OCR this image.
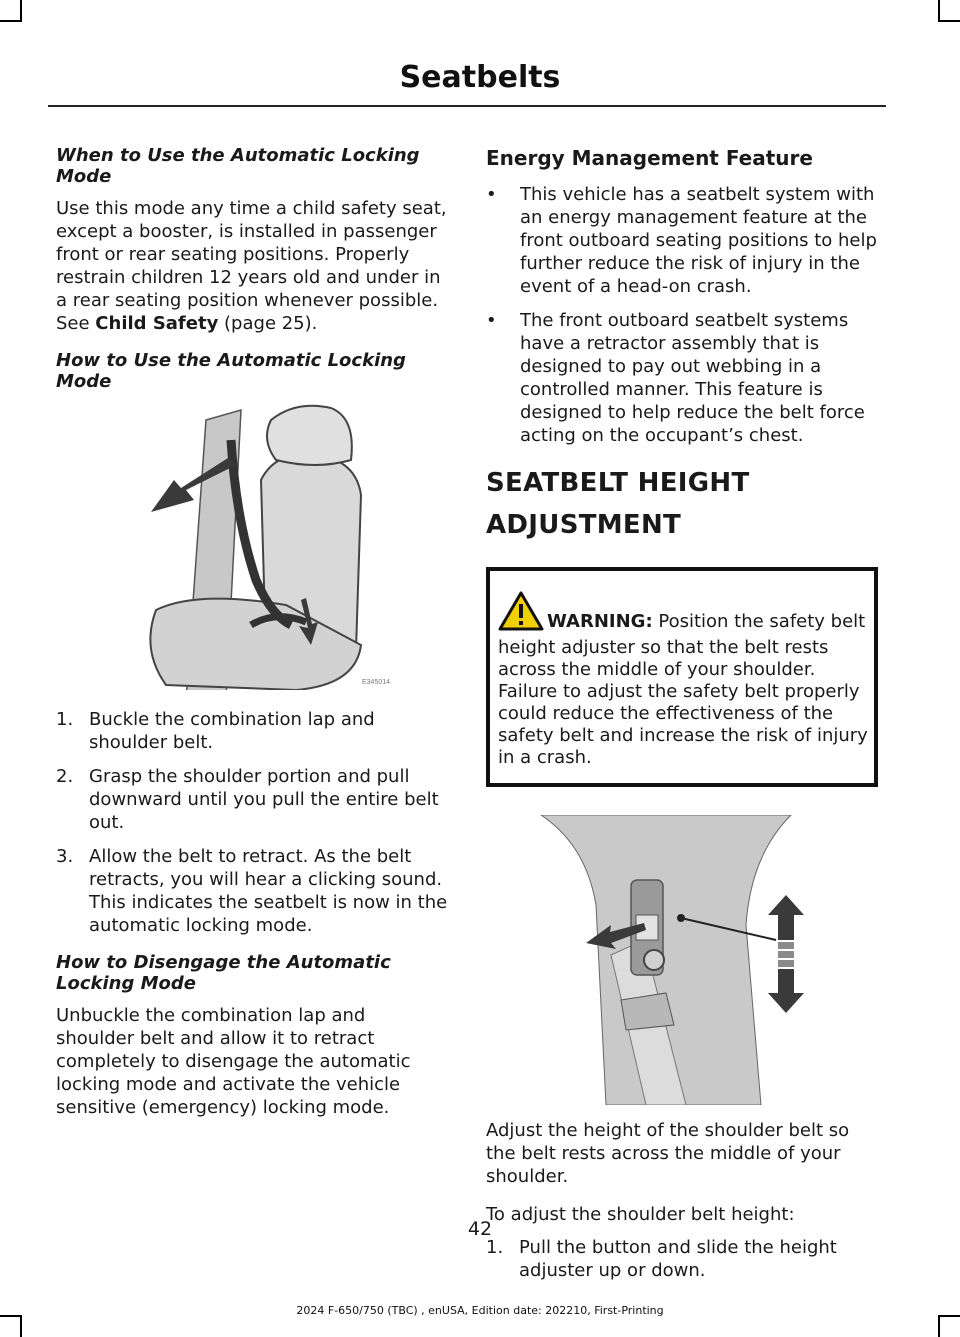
Seatbelts

When to Use the Automatic Locking Mode

Use this mode any time a child safety seat, except a booster, is installed in passenger front or rear seating positions. Properly restrain children 12 years old and under in a rear seating position whenever possible. See Child Safety (page 25).

How to Use the Automatic Locking Mode

E345014
1. Buckle the combination lap and shoulder belt.
2. Grasp the shoulder portion and pull downward until you pull the entire belt out.
3. Allow the belt to retract. As the belt retracts, you will hear a clicking sound. This indicates the seatbelt is now in the automatic locking mode.

How to Disengage the Automatic Locking Mode

Unbuckle the combination lap and shoulder belt and allow it to retract completely to disengage the automatic locking mode and activate the vehicle sensitive (emergency) locking mode.

Energy Management Feature

• This vehicle has a seatbelt system with an energy management feature at the front outboard seating positions to help further reduce the risk of injury in the event of a head-on crash.
• The front outboard seatbelt systems have a retractor assembly that is designed to pay out webbing in a controlled manner. This feature is designed to help reduce the belt force acting on the occupant’s chest.

SEATBELT HEIGHT

ADJUSTMENT

WARNING: Position the safety belt height adjuster so that the belt rests across the middle of your shoulder. Failure to adjust the safety belt properly could reduce the effectiveness of the safety belt and increase the risk of injury in a crash.

Adjust the height of the shoulder belt so the belt rests across the middle of your shoulder.

To adjust the shoulder belt height:

1. Pull the button and slide the height adjuster up or down.
42
2024 F-650/750 (TBC) , enUSA, Edition date: 202210, First-Printing
